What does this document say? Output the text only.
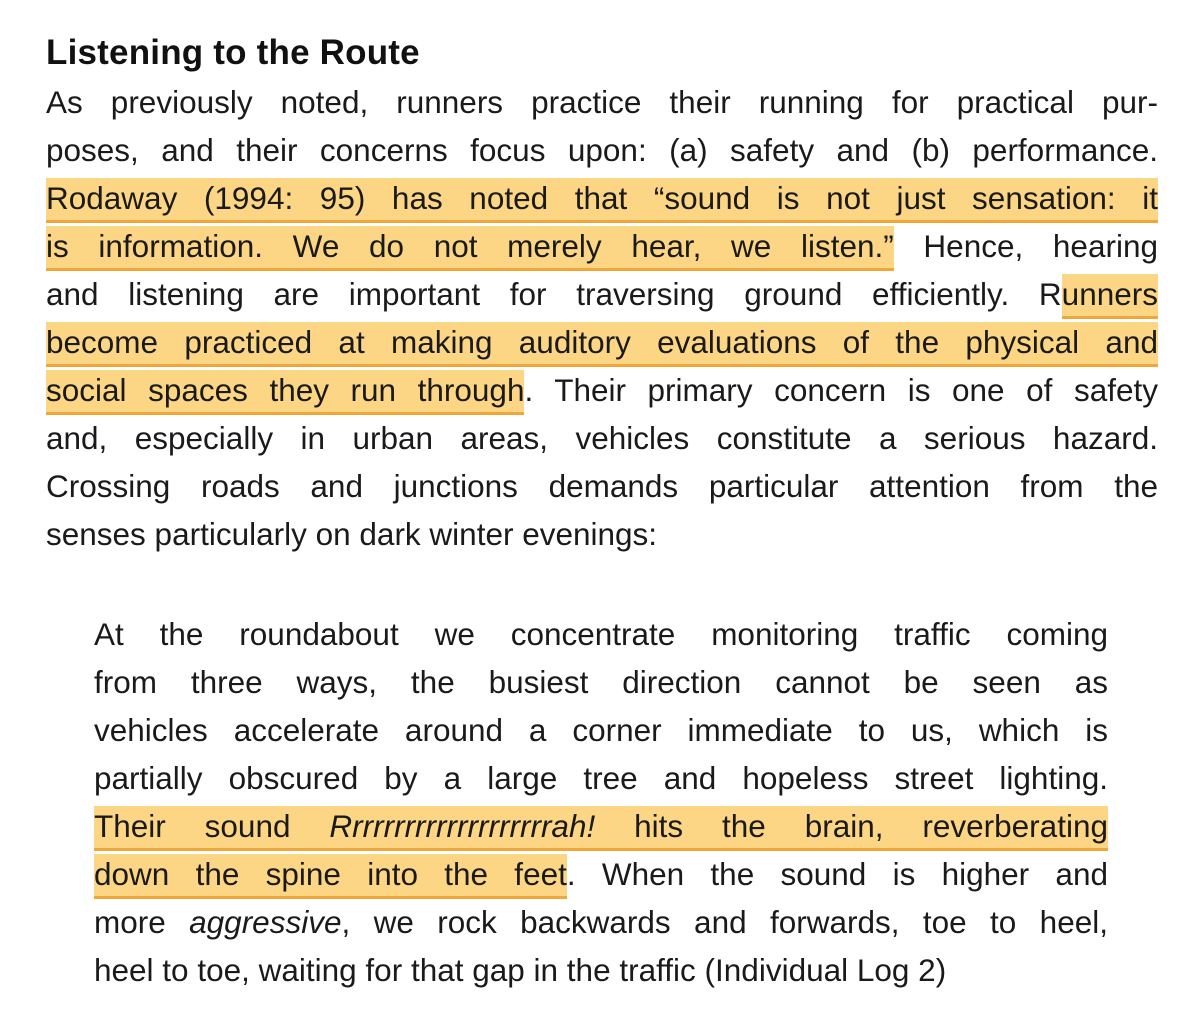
Listening to the Route
As previously noted, runners practice their running for practical pur-
poses, and their concerns focus upon: (a) safety and (b) performance.
Rodaway (1994: 95) has noted that “sound is not just sensation: it
is information. We do not merely hear, we listen.” Hence, hearing
and listening are important for traversing ground efficiently. Runners
become practiced at making auditory evaluations of the physical and
social spaces they run through. Their primary concern is one of safety
and, especially in urban areas, vehicles constitute a serious hazard.
Crossing roads and junctions demands particular attention from the
senses particularly on dark winter evenings:
At the roundabout we concentrate monitoring traffic coming
from three ways, the busiest direction cannot be seen as
vehicles accelerate around a corner immediate to us, which is
partially obscured by a large tree and hopeless street lighting.
Their sound Rrrrrrrrrrrrrrrrrrrrah! hits the brain, reverberating
down the spine into the feet. When the sound is higher and
more aggressive, we rock backwards and forwards, toe to heel,
heel to toe, waiting for that gap in the traffic (Individual Log 2)
